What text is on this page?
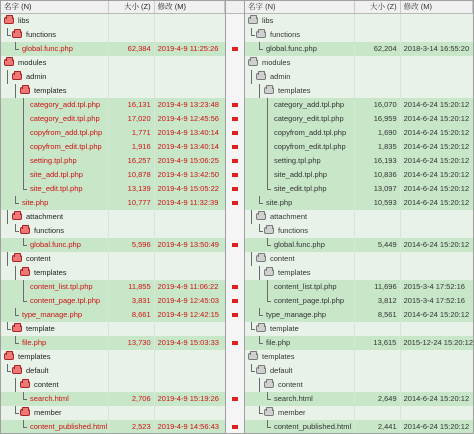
名字 (N)	大小 (Z) 修改 (M)
libs
functions
global.func.php	62,384 2019-4-9 11:25:26
modules
admin
templates
category_add.tpl.php	16,131 2019-4-9 13:23:48
category_edit.tpl.php	17,020 2019-4-9 12:45:56
copyfrom_add.tpl.php	1,771 2019-4-9 13:40:14
copyfrom_edit.tpl.php	1,916 2019-4-9 13:40:14
setting.tpl.php	16,257 2019-4-9 15:06:25
site_add.tpl.php	10,878 2019-4-9 13:42:50
site_edit.tpl.php	13,139 2019-4-9 15:05:22
site.php	10,777 2019-4-9 11:32:39
attachment
functions
global.func.php	5,596 2019-4-9 13:50:49
content
templates
content_list.tpl.php	11,855 2019-4-9 11:06:22
content_page.tpl.php	3,831 2019-4-9 12:45:03
type_manage.php	8,661 2019-4-9 12:42:15
template
file.php	13,730 2019-4-9 15:03:33
templates
default
content
search.html	2,706 2019-4-9 15:19:26
member
content_published.html	2,523 2019-4-9 14:56:43
名字 (N)	大小 (Z) 修改 (M)
libs
functions
global.func.php	62,204 2018-3-14 16:55:20
modules
admin
templates
category_add.tpl.php	16,070 2014-6-24 15:20:12
category_edit.tpl.php	16,959 2014-6-24 15:20:12
copyfrom_add.tpl.php	1,690 2014-6-24 15:20:12
copyfrom_edit.tpl.php	1,835 2014-6-24 15:20:12
setting.tpl.php	16,193 2014-6-24 15:20:12
site_add.tpl.php	10,836 2014-6-24 15:20:12
site_edit.tpl.php	13,097 2014-6-24 15:20:12
site.php	10,593 2014-6-24 15:20:12
attachment
functions
global.func.php	5,449 2014-6-24 15:20:12
content
templates
content_list.tpl.php	11,696 2015-3-4 17:52:16
content_page.tpl.php	3,812 2015-3-4 17:52:16
type_manage.php	8,561 2014-6-24 15:20:12
template
file.php	13,615 2015-12-24 15:20:12
templates
default
content
search.html	2,649 2014-6-24 15:20:12
member
content_published.html	2,441 2014-6-24 15:20:12
